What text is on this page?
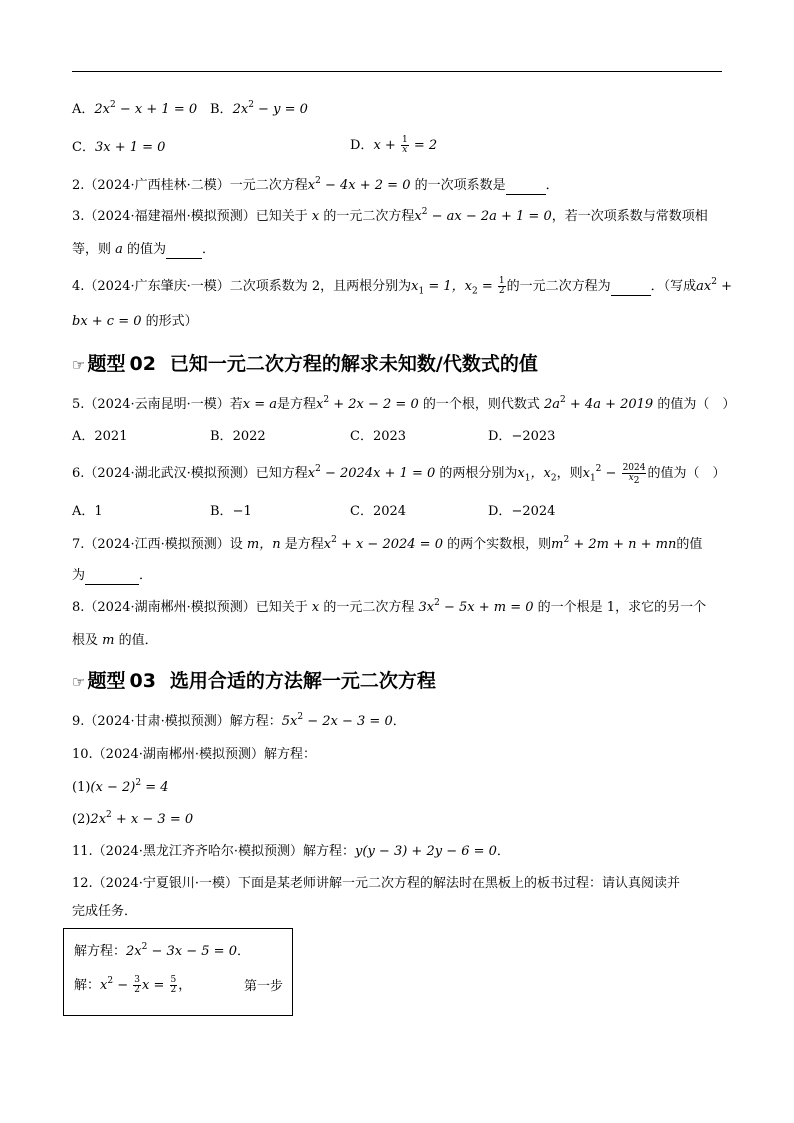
A．$2x^2 - x + 1 = 0$ B．$2x^2 - y = 0$
C．3x + 1 = 0	D．$x + \frac{1}{x} = 2$
2.（2024·广西桂林·二模）一元二次方程$x^2 - 4x + 2 = 0$ 的一次项系数是	．
3.（2024·福建福州·模拟预测）已知关于 x 的一元二次方程$x^2$ − ax − 2a + 1 = 0，若一次项系数与常数项相
等，则 a 的值为	．
4.（2024·广东肇庆·一模）二次项系数为 2，且两根分别为$x_1 = 1$，$x_2 = \frac{1}{2}$ 的一元二次方程为	．（写成$ax^2$ +
bx + c = 0 的形式）
☞ 题型 02 已知一元二次方程的解求未知数/代数式的值
5.（2024·云南昆明·一模）若x = a是方程$x^2 + 2x - 2 = 0$ 的一个根，则代数式 $2a^2 + 4a + 2019$ 的值为（　）
A．2021	B．2022	C．2023	D．−2023
6.（2024·湖北武汉·模拟预测）已知方程$x^2 - 2024x + 1 = 0$ 的两根分别为$x_1$，$x_2$，则$x_1^2 - \frac{2024}{x_2}$ 的值为（　）
A．1	B．−1	C．2024	D．−2024
7.（2024·江西·模拟预测）设 m，n 是方程$x^2 + x - 2024 = 0$ 的两个实数根，则$m^2 + 2m + n$ + mn的值
为	．
8.（2024·湖南郴州·模拟预测）已知关于 x 的一元二次方程 $3x^2 - 5x + m = 0$ 的一个根是 1，求它的另一个
根及 m 的值．
☞ 题型 03 选用合适的方法解一元二次方程
9.（2024·甘肃·模拟预测）解方程：$5x^2 - 2x - 3 = 0$．
10.（2024·湖南郴州·模拟预测）解方程：
$(1)(x - 2)^2 = 4$
$(2)2x^2 + x - 3 = 0$
11.（2024·黑龙江齐齐哈尔·模拟预测）解方程：y(y − 3) + 2y − 6 = 0．
12.（2024·宁夏银川·一模）下面是某老师讲解一元二次方程的解法时在黑板上的板书过程：请认真阅读并
完成任务．
解方程：$2x^2 - 3x - 5 = 0$．
解：$x^2 - \frac{3}{2}$ $x = \frac{5}{2}$ ，	第一步
